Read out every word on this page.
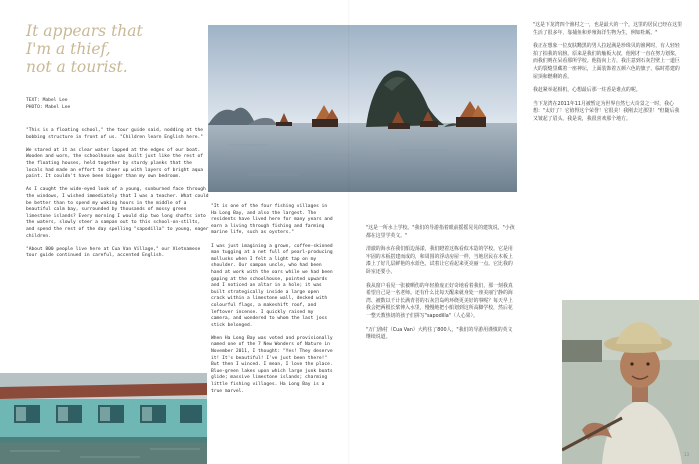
It appears that
I'm a thief,
not a tourist.
TEXT: Mabel Lee
PHOTO: Mabel Lee

"This is a floating school," the tour guide said, nodding at the bobbing structure in front of us. "Children learn English here."

We stared at it as clear water lapped at the edges of our boat. Wooden and worn, the schoolhouse was built just like the rest of the floating houses, held together by sturdy planks that the locals had made an effort to cheer up with layers of bright aqua paint. It couldn't have been bigger than my own bedroom.

As I caught the wide-eyed look of a young, sunburned face through the windows, I wished immediately that I was a teacher. What could be better than to spend my waking hours in the middle of a beautiful calm bay, surrounded by thousands of mossy green limestone islands? Every morning I would dip two long shafts into the waters, slowly steer a sampan out to this school-on-stilts, and spend the rest of the day spelling "sapodilla" to young, eager children.

"About 800 people live here at Cua Van Village," our Vietnamese tour guide continued in careful, accented English.

"It is one of the four fishing villages in Ha Long Bay, and also the largest. The residents have lived here for many years and earn a living through fishing and farming marine life, such as oysters."

I was just imagining a grown, coffee-skinned man tugging at a net full of pearl-producing mollusks when I felt a light tap on my shoulder. Our sampan uncle, who had been hand at work with the oars while we had been gaping at the schoolhouse, pointed upwards and I noticed an altar in a hole; it was built strategically inside a large open crack within a limestone wall, decked with colourful flags, a makeshift roof, and leftover incense. I quickly raised my camera, and wondered to whom the last joss stick belonged.

When Ha Long Bay was voted and provisionally named one of the 7 New Wonders of Nature in November 2011, I thought: "Yes! They deserve it! It's beautiful! I've just been there!" But then I winced. I mean, I love the place. Blue-green lakes upon which large junk boats glide; massive limestone islands; charming little fishing villages. Ha Long Bay is a true marvel.

"这是一所水上学校。"我们的导游指着眼前摇摇晃晃的建筑说，"小孩都在这里学英文。"

清澈的海水在我们船边荡漾，我们瞪着这栋看似木造的学校。它是用牢固的木板搭建而成的，和周围的浮动房屋一样，当地居民在木板上漆上了好几层鲜艳的水蓝色，试着让它看起来更亮丽一点。它比我的卧室还要小。

我从窗户看见一张被晒伤的年轻脸庞正好奇地看着我们，那一刻我真希望自己是一名老师。还有什么比每天醒来就身处一座美丽宁静的海湾、被数以千计长满青苔的石灰岩岛屿环绕更美好的事呢？每天早上我会把两根长桨伸入水里，慢慢地把小船划到这所高脚学校，然后花一整天教热切的孩子们拼写"sapodilla"（人心果）。

"万门渔村（Cua Van）大约住了800人，"我们的导游用谨慎的英文继续说道。

"这是下龙湾四个渔村之一，也是最大的一个。这里的居民已经在这里生活了很多年，靠捕鱼和养殖海洋生物为生，例如牡蛎。"

我正在想象一位皮肤黝黑的男人拉起满是珍珠贝的渔网时，有人轻轻拍了拍我的肩膀。原来是我们的舢板大叔，他刚才一直在努力划桨，而我们则在呆看那所学校。他指向上方，我注意到石灰岩壁上一道巨大的裂缝里藏着一座神坛，上面装饰着五颜六色的旗子、临时搭建的屋顶和燃剩的香。

我赶紧举起相机，心想最后那一炷香是谁点的呢。

当下龙湾在2011年11月被暂定为世界自然七大奇景之一时，我心想："太好了！它值得这个荣誉！它很美！我刚去过那里！"但随后我又皱起了眉头。我是说，我很喜欢那个地方。

13
